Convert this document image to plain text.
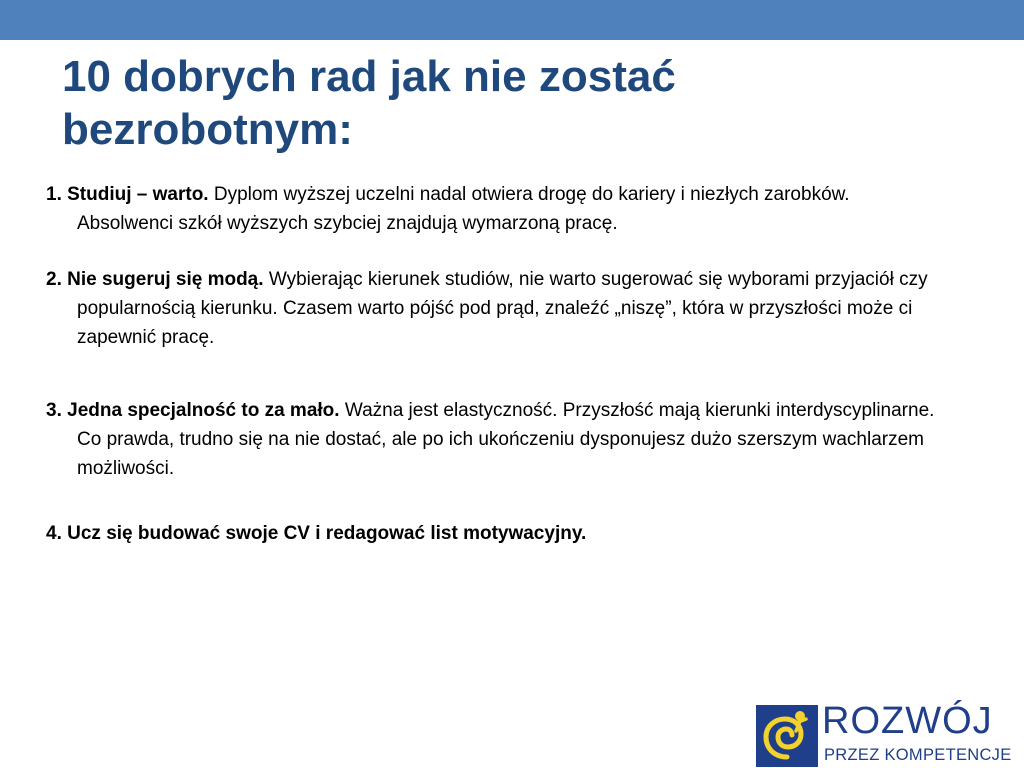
10 dobrych rad jak nie zostać
bezrobotnym:
1. Studiuj – warto. Dyplom wyższej uczelni nadal otwiera drogę do kariery i niezłych zarobków. Absolwenci szkół wyższych szybciej znajdują wymarzoną pracę.
2. Nie sugeruj się modą. Wybierając kierunek studiów, nie warto sugerować się wyborami przyjaciół czy popularnością kierunku. Czasem warto pójść pod prąd, znaleźć „niszę”, która w przyszłości może ci zapewnić pracę.
3. Jedna specjalność to za mało. Ważna jest elastyczność. Przyszłość mają kierunki interdyscyplinarne. Co prawda, trudno się na nie dostać, ale po ich ukończeniu dysponujesz dużo szerszym wachlarzem możliwości.
4. Ucz się budować swoje CV i redagować list motywacyjny.
ROZWÓJ
PRZEZ KOMPETENCJE
